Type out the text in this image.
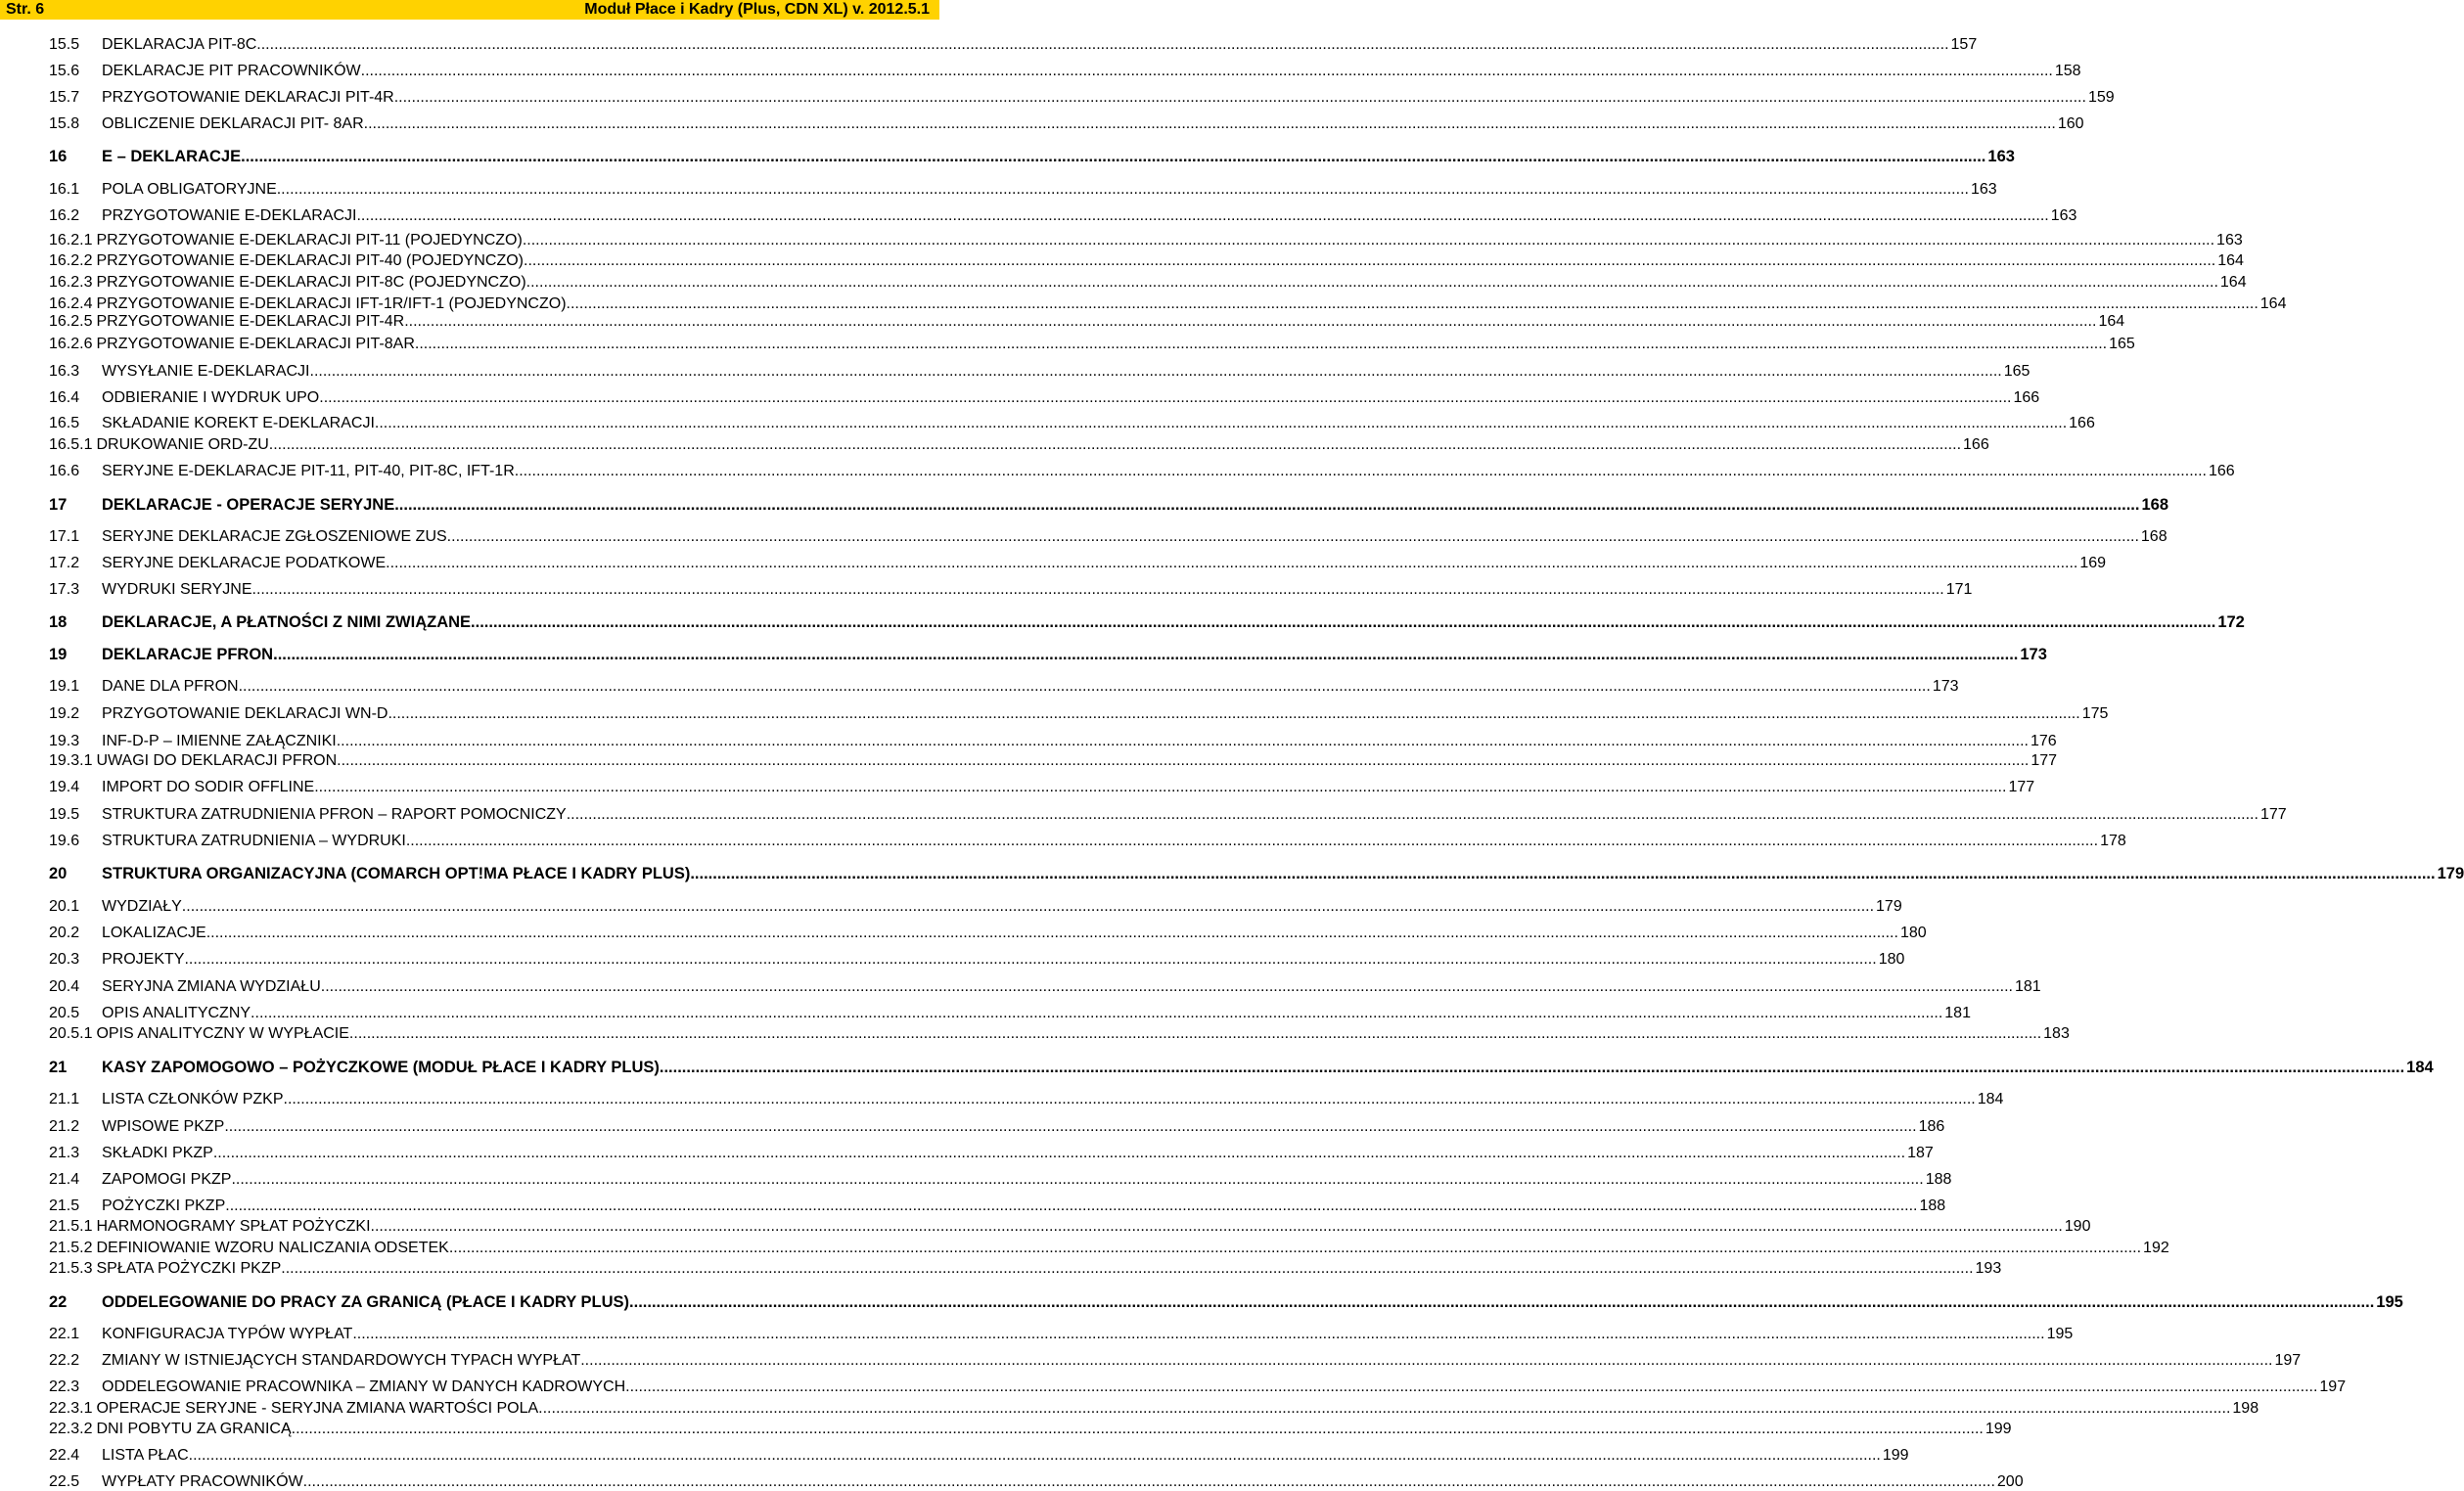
Str. 6	Moduł Płace i Kadry (Plus, CDN XL) v. 2012.5.1
15.5	DEKLARACJA PIT-8C .....	157
15.6	DEKLARACJE PIT PRACOWNIKÓW .....	158
15.7	PRZYGOTOWANIE DEKLARACJI PIT-4R .....	159
15.8	OBLICZENIE DEKLARACJI PIT- 8AR .....	160
16	E – DEKLARACJE .....	163
16.1	POLA OBLIGATORYJNE .....	163
16.2	PRZYGOTOWANIE E-DEKLARACJI .....	163
16.2.1 PRZYGOTOWANIE E-DEKLARACJI PIT-11 (POJEDYNCZO) .....	163
16.2.2 PRZYGOTOWANIE E-DEKLARACJI PIT-40 (POJEDYNCZO) .....	164
16.2.3 PRZYGOTOWANIE E-DEKLARACJI PIT-8C (POJEDYNCZO) .....	164
16.2.4 PRZYGOTOWANIE E-DEKLARACJI IFT-1R/IFT-1 (POJEDYNCZO) .....	164
16.2.5 PRZYGOTOWANIE E-DEKLARACJI PIT-4R .....	164
16.2.6 PRZYGOTOWANIE E-DEKLARACJI PIT-8AR .....	165
16.3	WYSYŁANIE E-DEKLARACJI .....	165
16.4	ODBIERANIE I WYDRUK UPO .....	166
16.5	SKŁADANIE KOREKT E-DEKLARACJI .....	166
16.5.1 DRUKOWANIE ORD-ZU .....	166
16.6	SERYJNE E-DEKLARACJE PIT-11, PIT-40, PIT-8C, IFT-1R .....	166
17	DEKLARACJE - OPERACJE SERYJNE .....	168
17.1	SERYJNE DEKLARACJE ZGŁOSZENIOWE ZUS .....	168
17.2	SERYJNE DEKLARACJE PODATKOWE .....	169
17.3	WYDRUKI SERYJNE .....	171
18	DEKLARACJE, A PŁATNOŚCI Z NIMI ZWIĄZANE .....	172
19	DEKLARACJE PFRON .....	173
19.1	DANE DLA PFRON .....	173
19.2	PRZYGOTOWANIE DEKLARACJI WN-D .....	175
19.3	INF-D-P – IMIENNE ZAŁĄCZNIKI .....	176
19.3.1 UWAGI DO DEKLARACJI PFRON .....	177
19.4	IMPORT DO SODIR OFFLINE .....	177
19.5	STRUKTURA ZATRUDNIENIA PFRON – RAPORT POMOCNICZY .....	177
19.6	STRUKTURA ZATRUDNIENIA – WYDRUKI .....	178
20	STRUKTURA ORGANIZACYJNA (COMARCH OPT!MA PŁACE I KADRY PLUS) .....	179
20.1	WYDZIAŁY .....	179
20.2	LOKALIZACJE .....	180
20.3	PROJEKTY .....	180
20.4	SERYJNA ZMIANA WYDZIAŁU .....	181
20.5	OPIS ANALITYCZNY .....	181
20.5.1 OPIS ANALITYCZNY W WYPŁACIE .....	183
21	KASY ZAPOMOGOWO – POŻYCZKOWE (MODUŁ PŁACE I KADRY PLUS) .....	184
21.1	LISTA CZŁONKÓW PZKP .....	184
21.2	WPISOWE PKZP .....	186
21.3	SKŁADKI PKZP .....	187
21.4	ZAPOMOGI PKZP .....	188
21.5	POŻYCZKI PKZP .....	188
21.5.1 HARMONOGRAMY SPŁAT POŻYCZKI .....	190
21.5.2 DEFINIOWANIE WZORU NALICZANIA ODSETEK .....	192
21.5.3 SPŁATA POŻYCZKI PKZP .....	193
22	ODDELEGOWANIE DO PRACY ZA GRANICĄ (PŁACE I KADRY PLUS) .....	195
22.1	KONFIGURACJA TYPÓW WYPŁAT .....	195
22.2	ZMIANY W ISTNIEJĄCYCH STANDARDOWYCH TYPACH WYPŁAT .....	197
22.3	ODDELEGOWANIE PRACOWNIKA – ZMIANY W DANYCH KADROWYCH .....	197
22.3.1 OPERACJE SERYJNE - SERYJNA ZMIANA WARTOŚCI POLA .....	198
22.3.2 DNI POBYTU ZA GRANICĄ .....	199
22.4	LISTA PŁAC .....	199
22.5	WYPŁATY PRACOWNIKÓW .....	200
